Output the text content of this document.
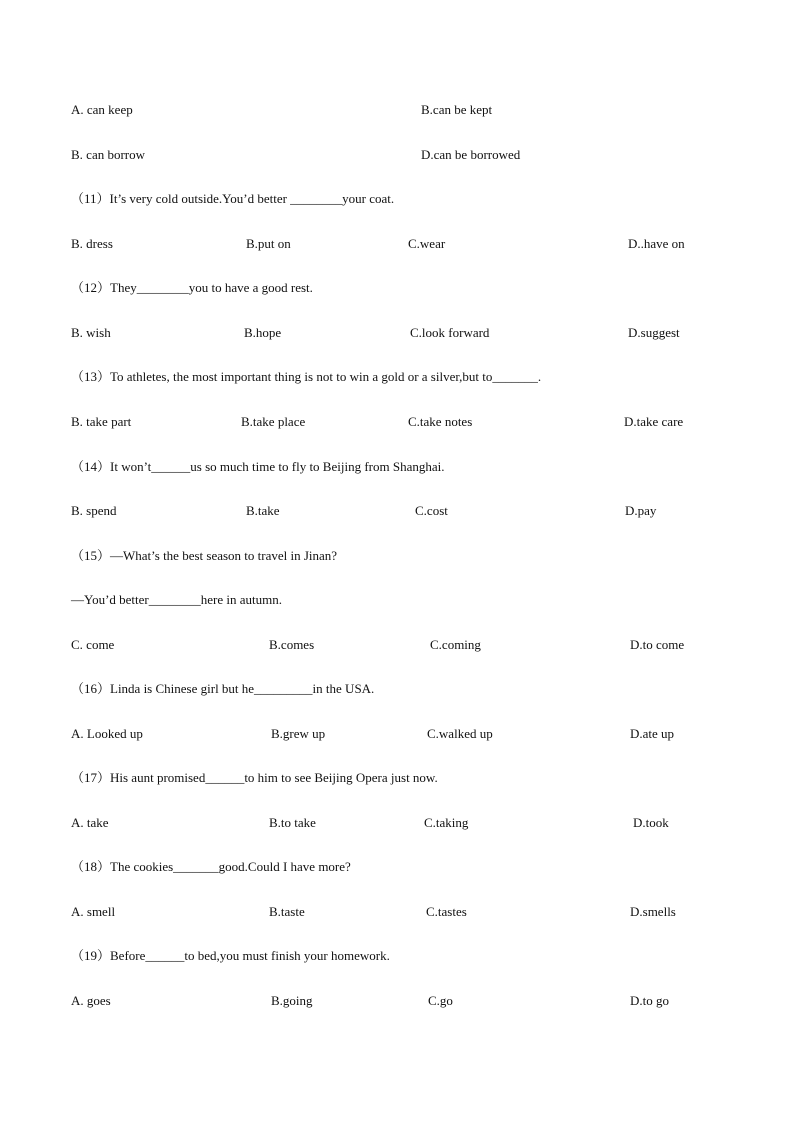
A. can keep	B.can be kept
B. can borrow	D.can be borrowed
（11）It’s very cold outside.You’d better ________your coat.
B. dress	B.put on	C.wear	D..have on
（12）They________you to have a good rest.
B. wish	B.hope	C.look forward	D.suggest
（13）To athletes, the most important thing is not to win a gold or a silver,but to_______.
B. take part	B.take place	C.take notes	D.take care
（14）It won’t______us so much time to fly to Beijing from Shanghai.
B. spend	B.take	C.cost	D.pay
（15）—What’s the best season to travel in Jinan?
—You’d better________here in autumn.
C. come	B.comes	C.coming	D.to come
（16）Linda is Chinese girl but he_________in the USA.
A. Looked up	B.grew up	C.walked up	D.ate up
（17）His aunt promised______to him to see Beijing Opera just now.
A. take	B.to take	C.taking	D.took
（18）The cookies_______good.Could I have more?
A. smell	B.taste	C.tastes	D.smells
（19）Before______to bed,you must finish your homework.
A. goes	B.going	C.go	D.to go
